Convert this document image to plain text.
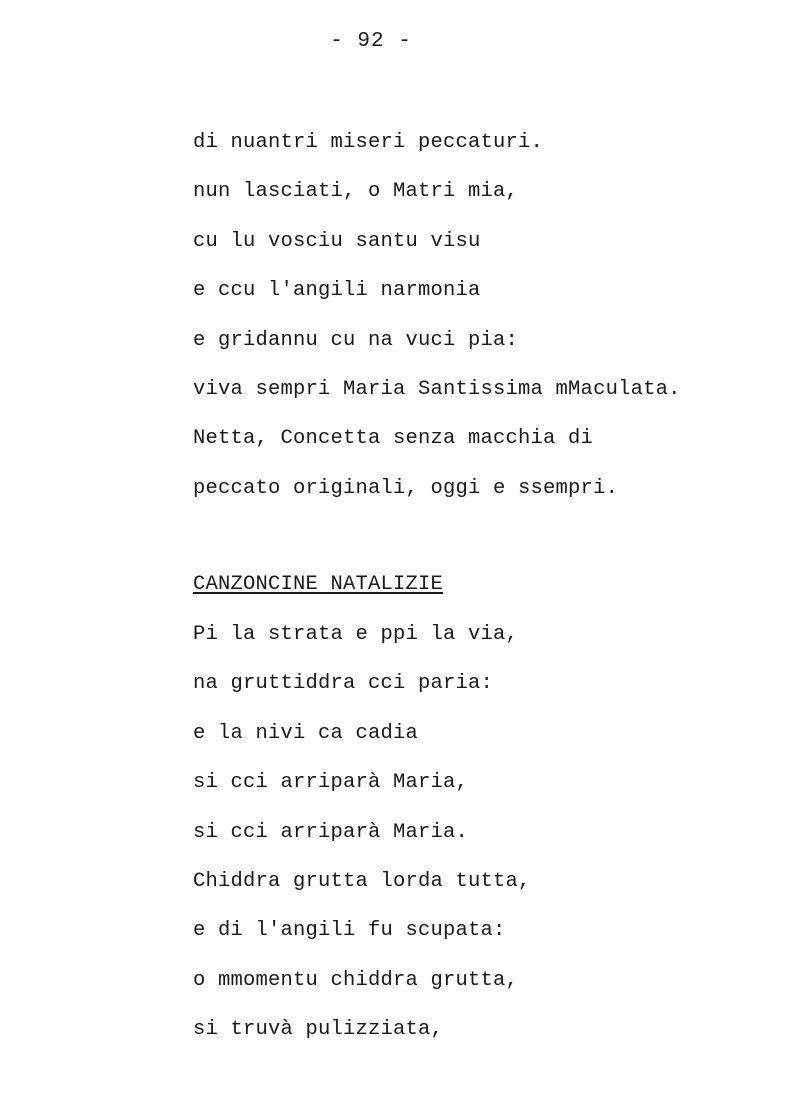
- 92 -
di nuantri miseri peccaturi.
nun lasciati, o Matri mia,
cu lu vosciu santu visu
e ccu l'angili narmonia
e gridannu cu na vuci pia:
viva sempri Maria Santissima mMaculata.
Netta, Concetta senza macchia di
peccato originali, oggi e ssempri.
CANZONCINE NATALIZIE
Pi la strata e ppi la via,
na gruttiddra cci paria:
e la nivi ca cadia
si cci arriparà Maria,
si cci arriparà Maria.
Chiddra grutta lorda tutta,
e di l'angili fu scupata:
o mmomentu chiddra grutta,
si truvà pulizziata,
